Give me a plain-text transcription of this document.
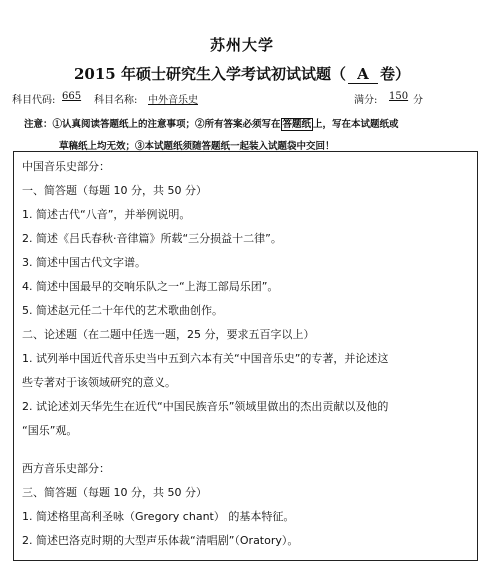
苏州大学
2015 年硕士研究生入学考试初试试题（ A 卷）
科目代码: 665 科目名称: 中外音乐史	满分: 150 分
注意：①认真阅读答题纸上的注意事项；②所有答案必须写在 答题纸 上，写在本试题纸或
草稿纸上均无效；③本试题纸须随答题纸一起装入试题袋中交回！
中国音乐史部分：
一、简答题（每题 10 分，共 50 分）
1. 简述古代“八音”，并举例说明。
2. 简述《吕氏春秋·音律篇》所载“三分损益十二律”。
3. 简述中国古代文字谱。
4. 简述中国最早的交响乐队之一“上海工部局乐团”。
5. 简述赵元任二十年代的艺术歌曲创作。
二、论述题（在二题中任选一题，25 分，要求五百字以上）
1. 试列举中国近代音乐史当中五到六本有关“中国音乐史”的专著，并论述这
些专著对于该领域研究的意义。
2. 试论述刘天华先生在近代“中国民族音乐”领域里做出的杰出贡献以及他的
“国乐”观。
西方音乐史部分：
三、简答题（每题 10 分，共 50 分）
1. 简述格里高利圣咏（Gregory chant） 的基本特征。
2. 简述巴洛克时期的大型声乐体裁“清唱剧”（Oratory）。
